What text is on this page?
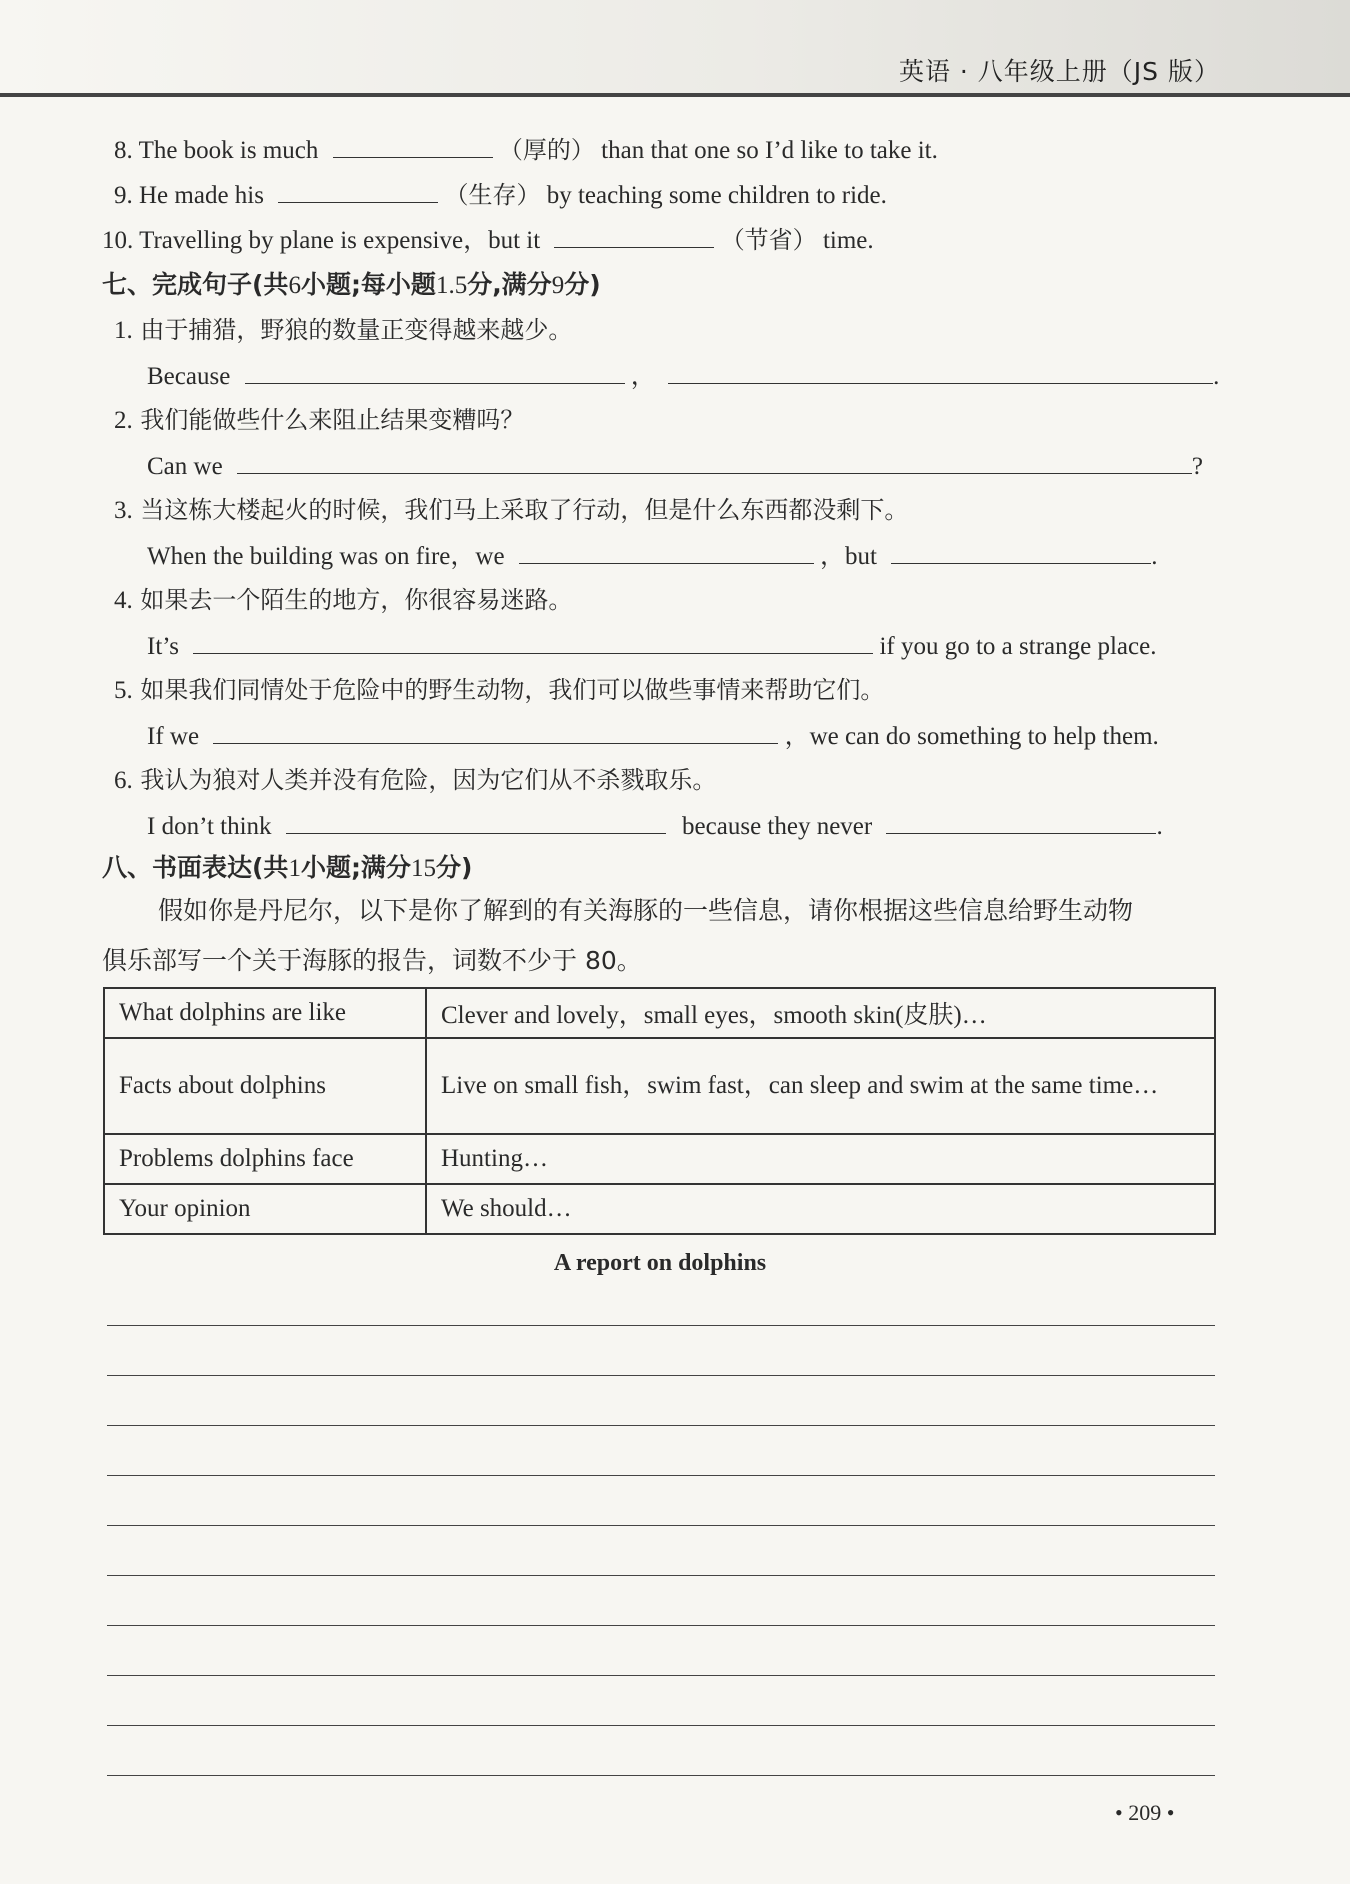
英语 · 八年级上册（JS 版）
8. The book is much	（厚的） than that one so I’d like to take it.
9. He made his	（生存） by teaching some children to ride.
10. Travelling by plane is expensive，but it	（节省） time.
七、完成句子(共6小题;每小题1.5分,满分9分)
1. 由于捕猎，野狼的数量正变得越来越少。
Because	，	.
2. 我们能做些什么来阻止结果变糟吗？
Can we	?
3. 当这栋大楼起火的时候，我们马上采取了行动，但是什么东西都没剩下。
When the building was on fire，we	，but	.
4. 如果去一个陌生的地方，你很容易迷路。
It’s	if you go to a strange place.
5. 如果我们同情处于危险中的野生动物，我们可以做些事情来帮助它们。
If we	，we can do something to help them.
6. 我认为狼对人类并没有危险，因为它们从不杀戮取乐。
I don’t think	because they never	.
八、书面表达(共1小题;满分15分)
假如你是丹尼尔，以下是你了解到的有关海豚的一些信息，请你根据这些信息给野生动物
俱乐部写一个关于海豚的报告，词数不少于 80。
What dolphins are like	Clever and lovely，small eyes，smooth skin(皮肤)…
Facts about dolphins	Live on small fish，swim fast，can sleep and swim at the same time…
Problems dolphins face	Hunting…
Your opinion	We should…
A report on dolphins
• 209 •
